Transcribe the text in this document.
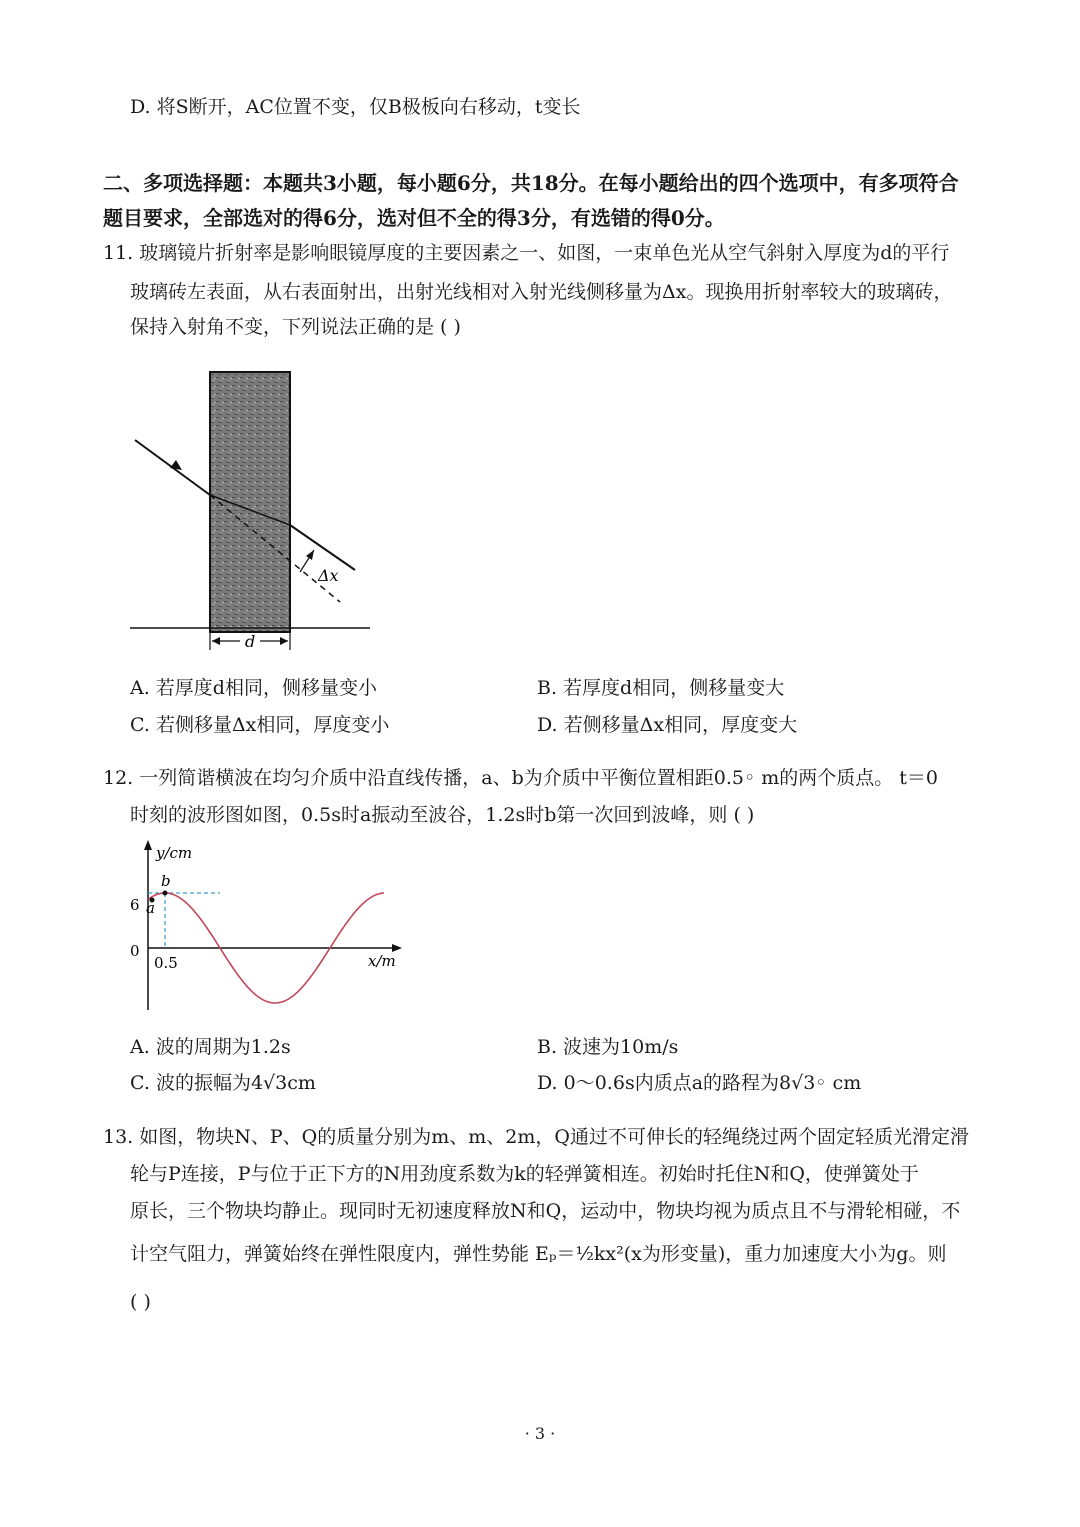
D. 将S断开，AC位置不变，仅B极板向右移动，t变长
二、多项选择题：本题共3小题，每小题6分，共18分。在每小题给出的四个选项中，有多项符合
题目要求，全部选对的得6分，选对但不全的得3分，有选错的得0分。
11. 玻璃镜片折射率是影响眼镜厚度的主要因素之一、如图，一束单色光从空气斜射入厚度为d的平行
玻璃砖左表面，从右表面射出，出射光线相对入射光线侧移量为Δx。现换用折射率较大的玻璃砖，
保持入射角不变，下列说法正确的是 ( )
Δx
d
A. 若厚度d相同，侧移量变小	B. 若厚度d相同，侧移量变大
C. 若侧移量Δx相同，厚度变小	D. 若侧移量Δx相同，厚度变大
12. 一列简谐横波在均匀介质中沿直线传播，a、b为介质中平衡位置相距0.5◦ m的两个质点。 t＝0
时刻的波形图如图，0.5s时a振动至波谷，1.2s时b第一次回到波峰，则 ( )
y/cm
x/m
6
0
0.5
b
a
A. 波的周期为1.2s	B. 波速为10m/s
C. 波的振幅为4√3cm	D. 0～0.6s内质点a的路程为8√3◦ cm
13. 如图，物块N、P、Q的质量分别为m、m、2m，Q通过不可伸长的轻绳绕过两个固定轻质光滑定滑
轮与P连接，P与位于正下方的N用劲度系数为k的轻弹簧相连。初始时托住N和Q，使弹簧处于
原长，三个物块均静止。现同时无初速度释放N和Q，运动中，物块均视为质点且不与滑轮相碰，不
计空气阻力，弹簧始终在弹性限度内，弹性势能 Eₚ＝½kx²(x为形变量)，重力加速度大小为g。则
( )
· 3 ·
